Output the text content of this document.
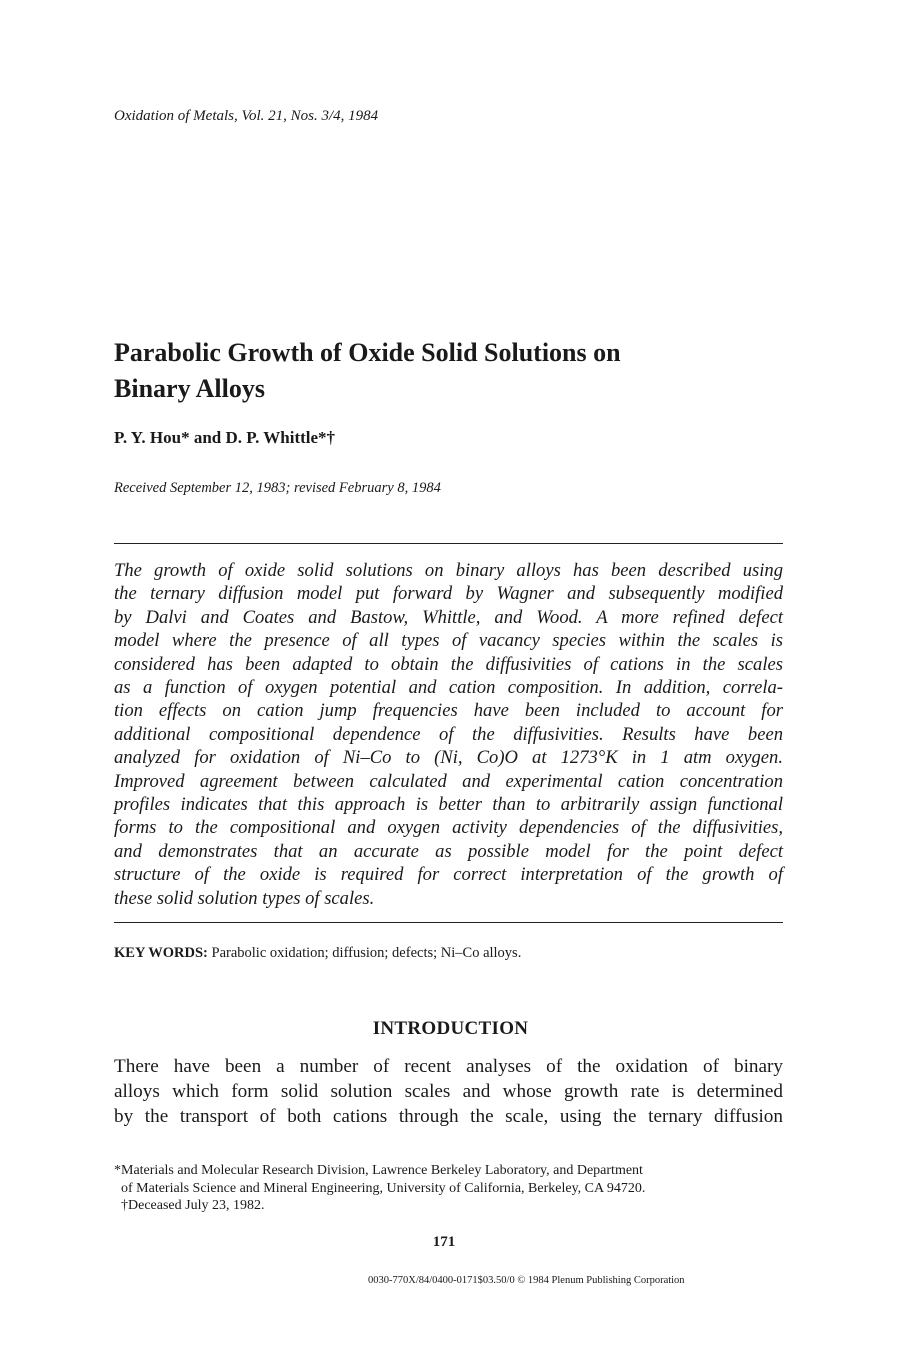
Oxidation of Metals, Vol. 21, Nos. 3/4, 1984
Parabolic Growth of Oxide Solid Solutions on
Binary Alloys
P. Y. Hou* and D. P. Whittle*†
Received September 12, 1983; revised February 8, 1984
The growth of oxide solid solutions on binary alloys has been described using
the ternary diffusion model put forward by Wagner and subsequently modified
by Dalvi and Coates and Bastow, Whittle, and Wood. A more refined defect
model where the presence of all types of vacancy species within the scales is
considered has been adapted to obtain the diffusivities of cations in the scales
as a function of oxygen potential and cation composition. In addition, correla-
tion effects on cation jump frequencies have been included to account for
additional compositional dependence of the diffusivities. Results have been
analyzed for oxidation of Ni–Co to (Ni, Co)O at 1273°K in 1 atm oxygen.
Improved agreement between calculated and experimental cation concentration
profiles indicates that this approach is better than to arbitrarily assign functional
forms to the compositional and oxygen activity dependencies of the diffusivities,
and demonstrates that an accurate as possible model for the point defect
structure of the oxide is required for correct interpretation of the growth of
these solid solution types of scales.
KEY WORDS: Parabolic oxidation; diffusion; defects; Ni–Co alloys.
INTRODUCTION
There have been a number of recent analyses of the oxidation of binary
alloys which form solid solution scales and whose growth rate is determined
by the transport of both cations through the scale, using the ternary diffusion
*Materials and Molecular Research Division, Lawrence Berkeley Laboratory, and Department
of Materials Science and Mineral Engineering, University of California, Berkeley, CA 94720.
†Deceased July 23, 1982.
171
0030-770X/84/0400-0171$03.50/0 © 1984 Plenum Publishing Corporation
